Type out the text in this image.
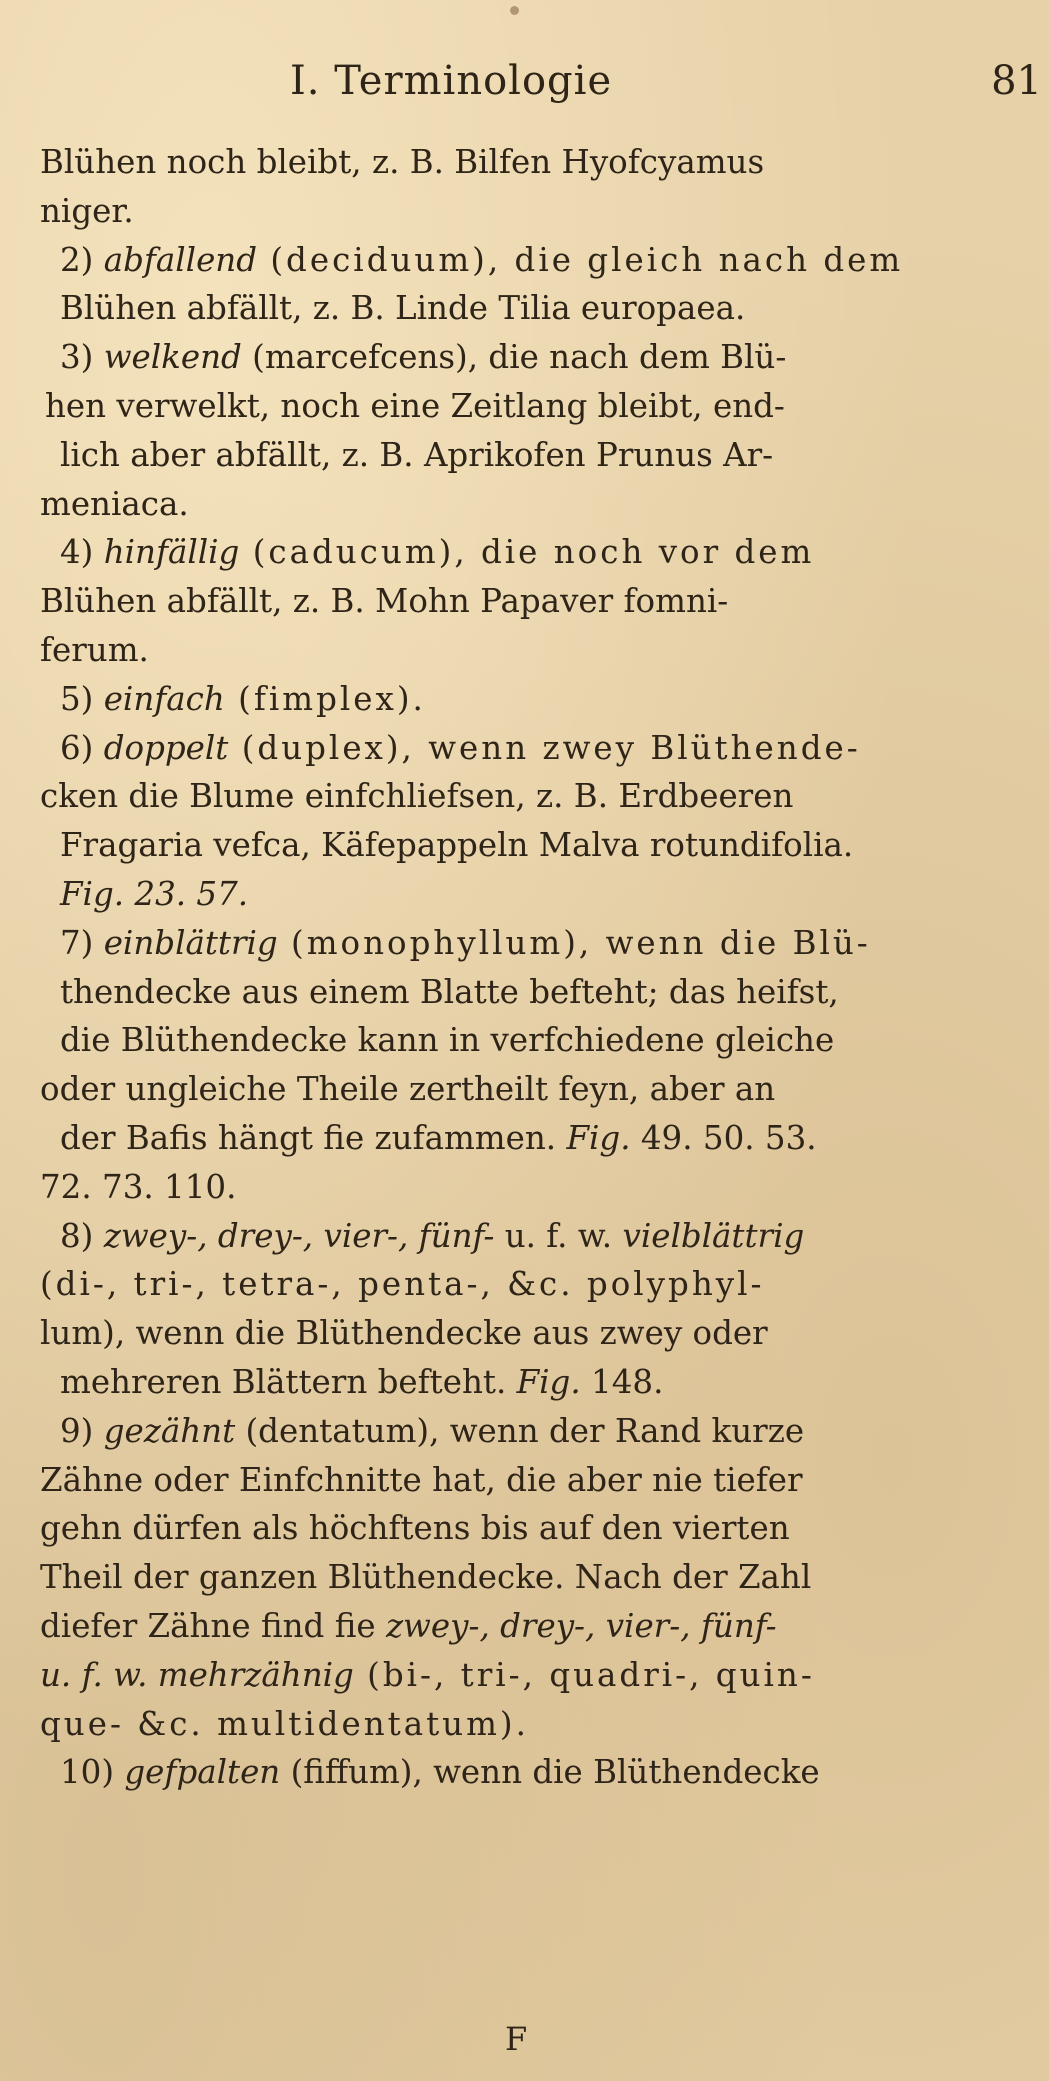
I. Terminologie	81
Blühen noch bleibt, z. B. Bilfen Hyofcyamus
niger.
2) abfallend (deciduum), die gleich nach dem
Blühen abfällt, z. B. Linde Tilia europaea.
3) welkend (marcefcens), die nach dem Blü-
hen verwelkt, noch eine Zeitlang bleibt, end-
lich aber abfällt, z. B. Aprikofen Prunus Ar-
meniaca.
4) hinfällig (caducum), die noch vor dem
Blühen abfällt, z. B. Mohn Papaver fomni-
ferum.
5) einfach (fimplex).
6) doppelt (duplex), wenn zwey Blüthende-
cken die Blume einfchliefsen, z. B. Erdbeeren
Fragaria vefca, Käfepappeln Malva rotundifolia.
Fig. 23. 57.
7) einblättrig (monophyllum), wenn die Blü-
thendecke aus einem Blatte befteht; das heifst,
die Blüthendecke kann in verfchiedene gleiche
oder ungleiche Theile zertheilt feyn, aber an
der Bafis hängt fie zufammen. Fig. 49. 50. 53.
72. 73. 110.
8) zwey-, drey-, vier-, fünf- u. f. w. vielblättrig
(di-, tri-, tetra-, penta-, &c. polyphyl-
lum), wenn die Blüthendecke aus zwey oder
mehreren Blättern befteht. Fig. 148.
9) gezähnt (dentatum), wenn der Rand kurze
Zähne oder Einfchnitte hat, die aber nie tiefer
gehn dürfen als höchftens bis auf den vierten
Theil der ganzen Blüthendecke. Nach der Zahl
diefer Zähne find fie zwey-, drey-, vier-, fünf-
u. f. w. mehrzähnig (bi-, tri-, quadri-, quin-
que- &c. multidentatum).
10) gefpalten (fiffum), wenn die Blüthendecke
F
